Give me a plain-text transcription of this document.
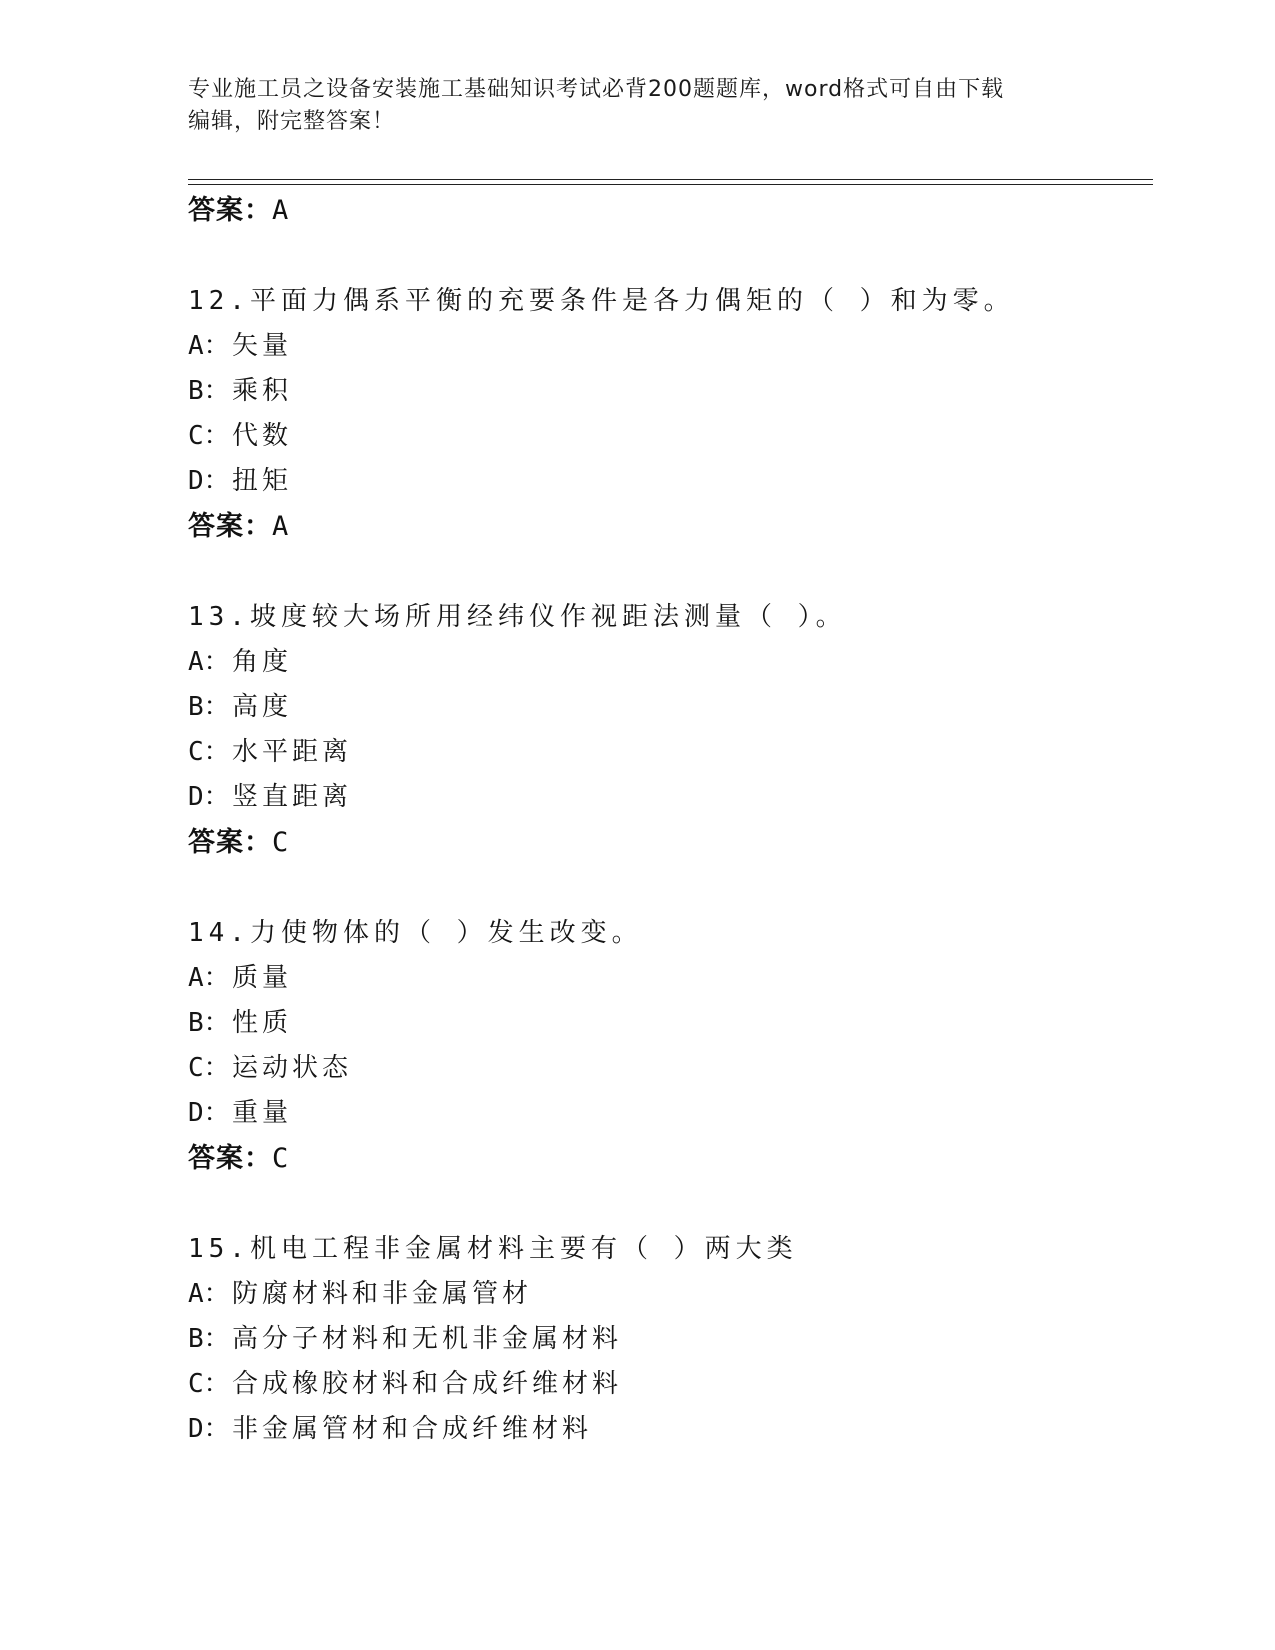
专业施工员之设备安装施工基础知识考试必背200题题库，word格式可自由下载
编辑，附完整答案！
答案：A
12.平面力偶系平衡的充要条件是各力偶矩的（ ）和为零。
A：矢量
B：乘积
C：代数
D：扭矩
答案：A
13.坡度较大场所用经纬仪作视距法测量（ ）。
A：角度
B：高度
C：水平距离
D：竖直距离
答案：C
14.力使物体的（ ）发生改变。
A：质量
B：性质
C：运动状态
D：重量
答案：C
15.机电工程非金属材料主要有（ ）两大类
A：防腐材料和非金属管材
B：高分子材料和无机非金属材料
C：合成橡胶材料和合成纤维材料
D：非金属管材和合成纤维材料
